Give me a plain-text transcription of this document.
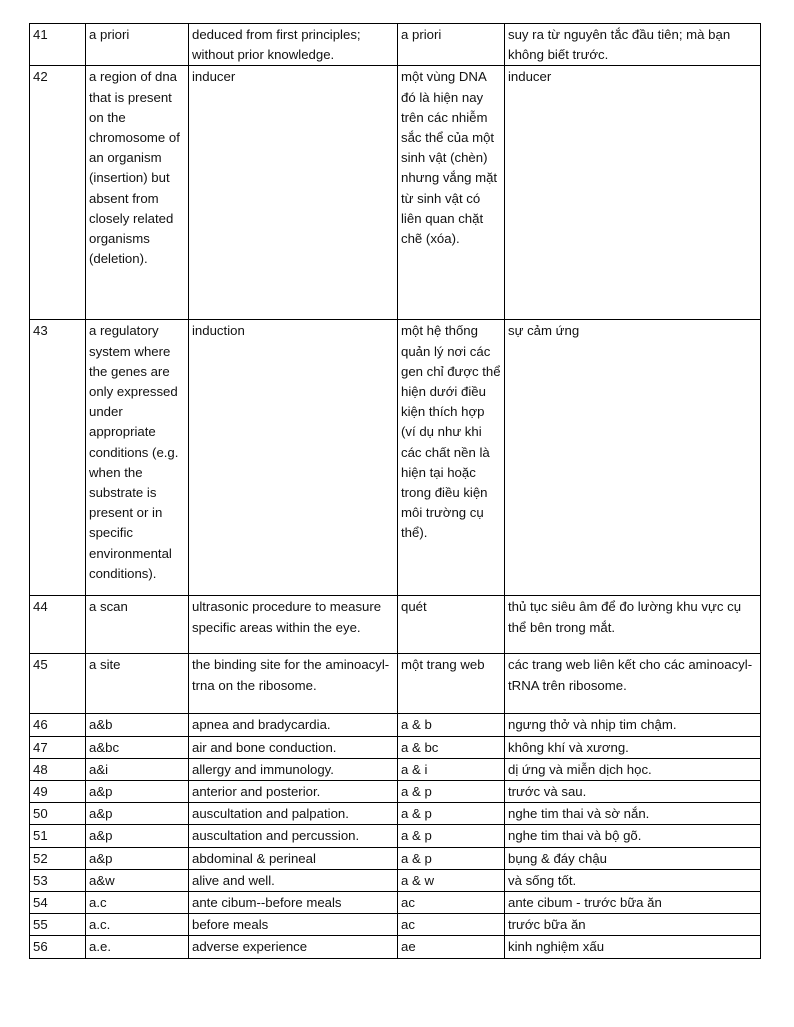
41	a priori	deduced from first principles; without prior knowledge.	a priori	suy ra từ nguyên tắc đầu tiên; mà bạn không biết trước.
42	a region of dna that is present on the chromosome of an organism (insertion) but absent from closely related organisms (deletion).	inducer	một vùng DNA đó là hiện nay trên các nhiễm sắc thể của một sinh vật (chèn) nhưng vắng mặt từ sinh vật có liên quan chặt chẽ (xóa).	inducer
43	a regulatory system where the genes are only expressed under appropriate conditions (e.g. when the substrate is present or in specific environmental conditions).	induction	một hệ thống quản lý nơi các gen chỉ được thể hiện dưới điều kiện thích hợp (ví dụ như khi các chất nền là hiện tại hoặc trong điều kiện môi trường cụ thể).	sự cảm ứng
44	a scan	ultrasonic procedure to measure specific areas within the eye.	quét	thủ tục siêu âm để đo lường khu vực cụ thể bên trong mắt.
45	a site	the binding site for the aminoacyl-trna on the ribosome.	một trang web	các trang web liên kết cho các aminoacyl-tRNA trên ribosome.
46	a&b	apnea and bradycardia.	a & b	ngưng thở và nhịp tim chậm.
47	a&bc	air and bone conduction.	a & bc	không khí và xương.
48	a&i	allergy and immunology.	a & i	dị ứng và miễn dịch học.
49	a&p	anterior and posterior.	a & p	trước và sau.
50	a&p	auscultation and palpation.	a & p	nghe tim thai và sờ nắn.
51	a&p	auscultation and percussion.	a & p	nghe tim thai và bộ gõ.
52	a&p	abdominal & perineal	a & p	bụng & đáy chậu
53	a&w	alive and well.	a & w	và sống tốt.
54	a.c	ante cibum--before meals	ac	ante cibum - trước bữa ăn
55	a.c.	before meals	ac	trước bữa ăn
56	a.e.	adverse experience	ae	kinh nghiệm xấu
